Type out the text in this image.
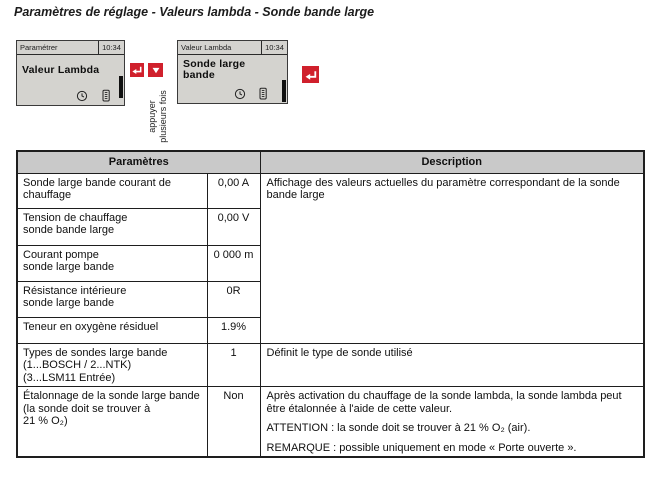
Paramètres de réglage - Valeurs lambda - Sonde bande large
Paramétrer	10:34
Valeur Lambda
appuyer plusieurs fois
Valeur Lambda	10:34
Sonde large
bande
Paramètres		Description

Sonde large bande courant de
chauffage	0,00 A	Affichage des valeurs actuelles du paramètre correspondant de la sonde bande large

Tension de chauffage
sonde bande large	0,00 V	

Courant pompe
sonde large bande	0 000 m	

Résistance intérieure
sonde large bande	0R	

Teneur en oxygène résiduel	1.9%	

Types de sondes large bande
(1...BOSCH / 2...NTK)
(3...LSM11 Entrée)	1	Définit le type de sonde utilisé

Étalonnage de la sonde large bande
(la sonde doit se trouver à
21 % O₂)
	Non	Après activation du chauffage de la sonde lambda, la sonde lambda peut être étalonnée à l'aide de cette valeur.

ATTENTION : la sonde doit se trouver à 21 % O₂ (air).

REMARQUE : possible uniquement en mode « Porte ouverte ».
